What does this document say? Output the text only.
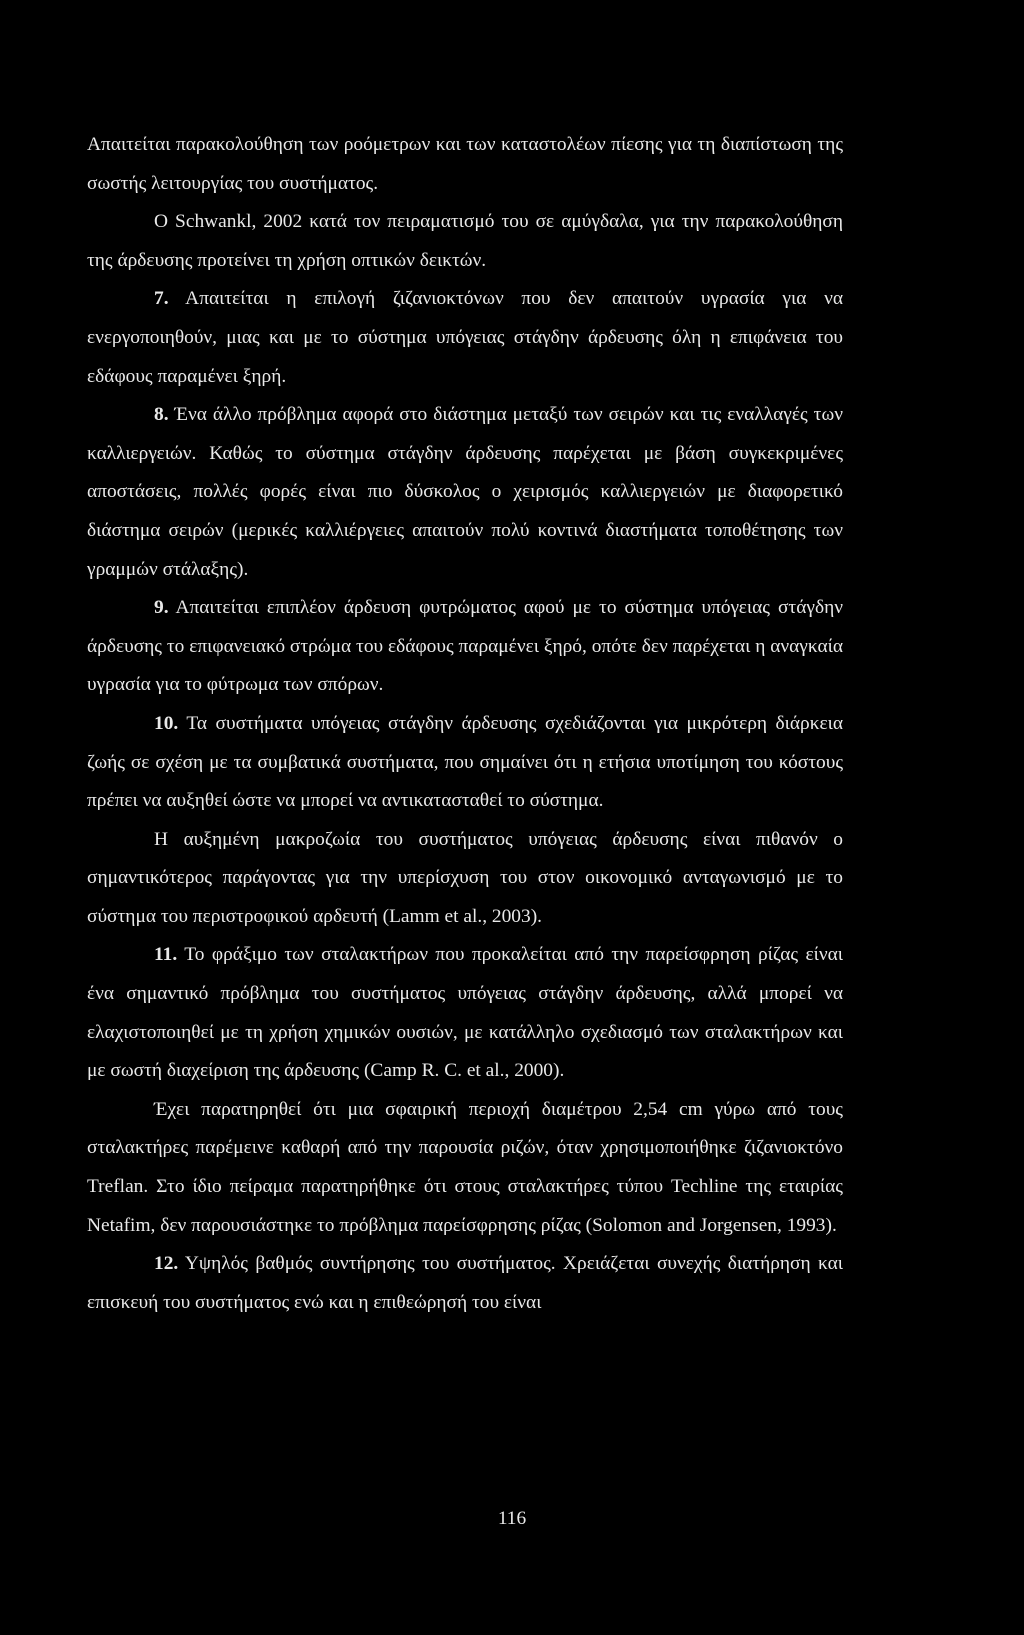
Απαιτείται παρακολούθηση των ροόμετρων και των καταστολέων πίεσης για τη διαπίστωση της σωστής λειτουργίας του συστήματος.

Ο Schwankl, 2002 κατά τον πειραματισμό του σε αμύγδαλα, για την παρακολούθηση της άρδευσης προτείνει τη χρήση οπτικών δεικτών.

7. Απαιτείται η επιλογή ζιζανιοκτόνων που δεν απαιτούν υγρασία για να ενεργοποιηθούν, μιας και με το σύστημα υπόγειας στάγδην άρδευσης όλη η επιφάνεια του εδάφους παραμένει ξηρή.

8. Ένα άλλο πρόβλημα αφορά στο διάστημα μεταξύ των σειρών και τις εναλλαγές των καλλιεργειών. Καθώς το σύστημα στάγδην άρδευσης παρέχεται με βάση συγκεκριμένες αποστάσεις, πολλές φορές είναι πιο δύσκολος ο χειρισμός καλλιεργειών με διαφορετικό διάστημα σειρών (μερικές καλλιέργειες απαιτούν πολύ κοντινά διαστήματα τοποθέτησης των γραμμών στάλαξης).

9. Απαιτείται επιπλέον άρδευση φυτρώματος αφού με το σύστημα υπόγειας στάγδην άρδευσης το επιφανειακό στρώμα του εδάφους παραμένει ξηρό, οπότε δεν παρέχεται η αναγκαία υγρασία για το φύτρωμα των σπόρων.

10. Τα συστήματα υπόγειας στάγδην άρδευσης σχεδιάζονται για μικρότερη διάρκεια ζωής σε σχέση με τα συμβατικά συστήματα, που σημαίνει ότι η ετήσια υποτίμηση του κόστους πρέπει να αυξηθεί ώστε να μπορεί να αντικατασταθεί το σύστημα.

Η αυξημένη μακροζωία του συστήματος υπόγειας άρδευσης είναι πιθανόν ο σημαντικότερος παράγοντας για την υπερίσχυση του στον οικονομικό ανταγωνισμό με το σύστημα του περιστροφικού αρδευτή (Lamm et al., 2003).

11. Το φράξιμο των σταλακτήρων που προκαλείται από την παρείσφρηση ρίζας είναι ένα σημαντικό πρόβλημα του συστήματος υπόγειας στάγδην άρδευσης, αλλά μπορεί να ελαχιστοποιηθεί με τη χρήση χημικών ουσιών, με κατάλληλο σχεδιασμό των σταλακτήρων και με σωστή διαχείριση της άρδευσης (Camp R. C. et al., 2000).

Έχει παρατηρηθεί ότι μια σφαιρική περιοχή διαμέτρου 2,54 cm γύρω από τους σταλακτήρες παρέμεινε καθαρή από την παρουσία ριζών, όταν χρησιμοποιήθηκε ζιζανιοκτόνο Treflan. Στο ίδιο πείραμα παρατηρήθηκε ότι στους σταλακτήρες τύπου Techline της εταιρίας Netafim, δεν παρουσιάστηκε το πρόβλημα παρείσφρησης ρίζας (Solomon and Jorgensen, 1993).

12. Υψηλός βαθμός συντήρησης του συστήματος. Χρειάζεται συνεχής διατήρηση και επισκευή του συστήματος ενώ και η επιθεώρησή του είναι

116
